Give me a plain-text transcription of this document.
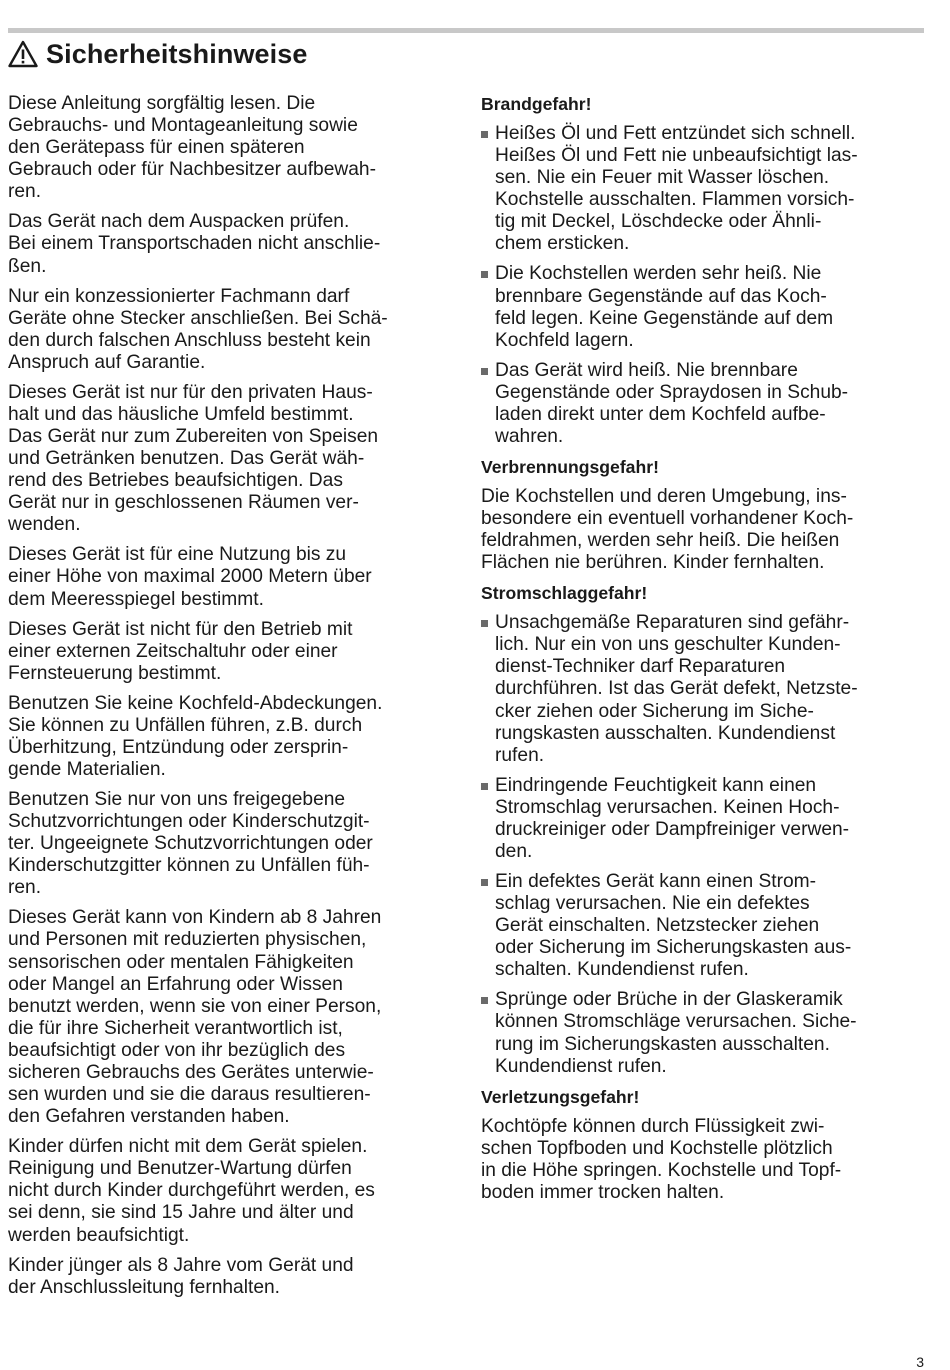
Sicherheitshinweise

Diese Anleitung sorgfältig lesen. Die
Gebrauchs- und Montageanleitung sowie
den Gerätepass für einen späteren
Gebrauch oder für Nachbesitzer aufbewah-
ren.

Das Gerät nach dem Auspacken prüfen.
Bei einem Transportschaden nicht anschlie-
ßen.

Nur ein konzessionierter Fachmann darf
Geräte ohne Stecker anschließen. Bei Schä-
den durch falschen Anschluss besteht kein
Anspruch auf Garantie.

Dieses Gerät ist nur für den privaten Haus-
halt und das häusliche Umfeld bestimmt.
Das Gerät nur zum Zubereiten von Speisen
und Getränken benutzen. Das Gerät wäh-
rend des Betriebes beaufsichtigen. Das
Gerät nur in geschlossenen Räumen ver-
wenden.

Dieses Gerät ist für eine Nutzung bis zu
einer Höhe von maximal 2000 Metern über
dem Meeresspiegel bestimmt.

Dieses Gerät ist nicht für den Betrieb mit
einer externen Zeitschaltuhr oder einer
Fernsteuerung bestimmt.

Benutzen Sie keine Kochfeld-Abdeckungen.
Sie können zu Unfällen führen, z.B. durch
Überhitzung, Entzündung oder zersprin-
gende Materialien.

Benutzen Sie nur von uns freigegebene
Schutzvorrichtungen oder Kinderschutzgit-
ter. Ungeeignete Schutzvorrichtungen oder
Kinderschutzgitter können zu Unfällen füh-
ren.

Dieses Gerät kann von Kindern ab 8 Jahren
und Personen mit reduzierten physischen,
sensorischen oder mentalen Fähigkeiten
oder Mangel an Erfahrung oder Wissen
benutzt werden, wenn sie von einer Person,
die für ihre Sicherheit verantwortlich ist,
beaufsichtigt oder von ihr bezüglich des
sicheren Gebrauchs des Gerätes unterwie-
sen wurden und sie die daraus resultieren-
den Gefahren verstanden haben.

Kinder dürfen nicht mit dem Gerät spielen.
Reinigung und Benutzer-Wartung dürfen
nicht durch Kinder durchgeführt werden, es
sei denn, sie sind 15 Jahre und älter und
werden beaufsichtigt.

Kinder jünger als 8 Jahre vom Gerät und
der Anschlussleitung fernhalten.

Brandgefahr!
Heißes Öl und Fett entzündet sich schnell.
Heißes Öl und Fett nie unbeaufsichtigt las-
sen. Nie ein Feuer mit Wasser löschen.
Kochstelle ausschalten. Flammen vorsich-
tig mit Deckel, Löschdecke oder Ähnli-
chem ersticken.
Die Kochstellen werden sehr heiß. Nie
brennbare Gegenstände auf das Koch-
feld legen. Keine Gegenstände auf dem
Kochfeld lagern.
Das Gerät wird heiß. Nie brennbare
Gegenstände oder Spraydosen in Schub-
laden direkt unter dem Kochfeld aufbe-
wahren.
Verbrennungsgefahr!

Die Kochstellen und deren Umgebung, ins-
besondere ein eventuell vorhandener Koch-
feldrahmen, werden sehr heiß. Die heißen
Flächen nie berühren. Kinder fernhalten.

Stromschlaggefahr!
Unsachgemäße Reparaturen sind gefähr-
lich. Nur ein von uns geschulter Kunden-
dienst-Techniker darf Reparaturen
durchführen. Ist das Gerät defekt, Netzste-
cker ziehen oder Sicherung im Siche-
rungskasten ausschalten. Kundendienst
rufen.
Eindringende Feuchtigkeit kann einen
Stromschlag verursachen. Keinen Hoch-
druckreiniger oder Dampfreiniger verwen-
den.
Ein defektes Gerät kann einen Strom-
schlag verursachen. Nie ein defektes
Gerät einschalten. Netzstecker ziehen
oder Sicherung im Sicherungskasten aus-
schalten. Kundendienst rufen.
Sprünge oder Brüche in der Glaskeramik
können Stromschläge verursachen. Siche-
rung im Sicherungskasten ausschalten.
Kundendienst rufen.
Verletzungsgefahr!

Kochtöpfe können durch Flüssigkeit zwi-
schen Topfboden und Kochstelle plötzlich
in die Höhe springen. Kochstelle und Topf-
boden immer trocken halten.

3
